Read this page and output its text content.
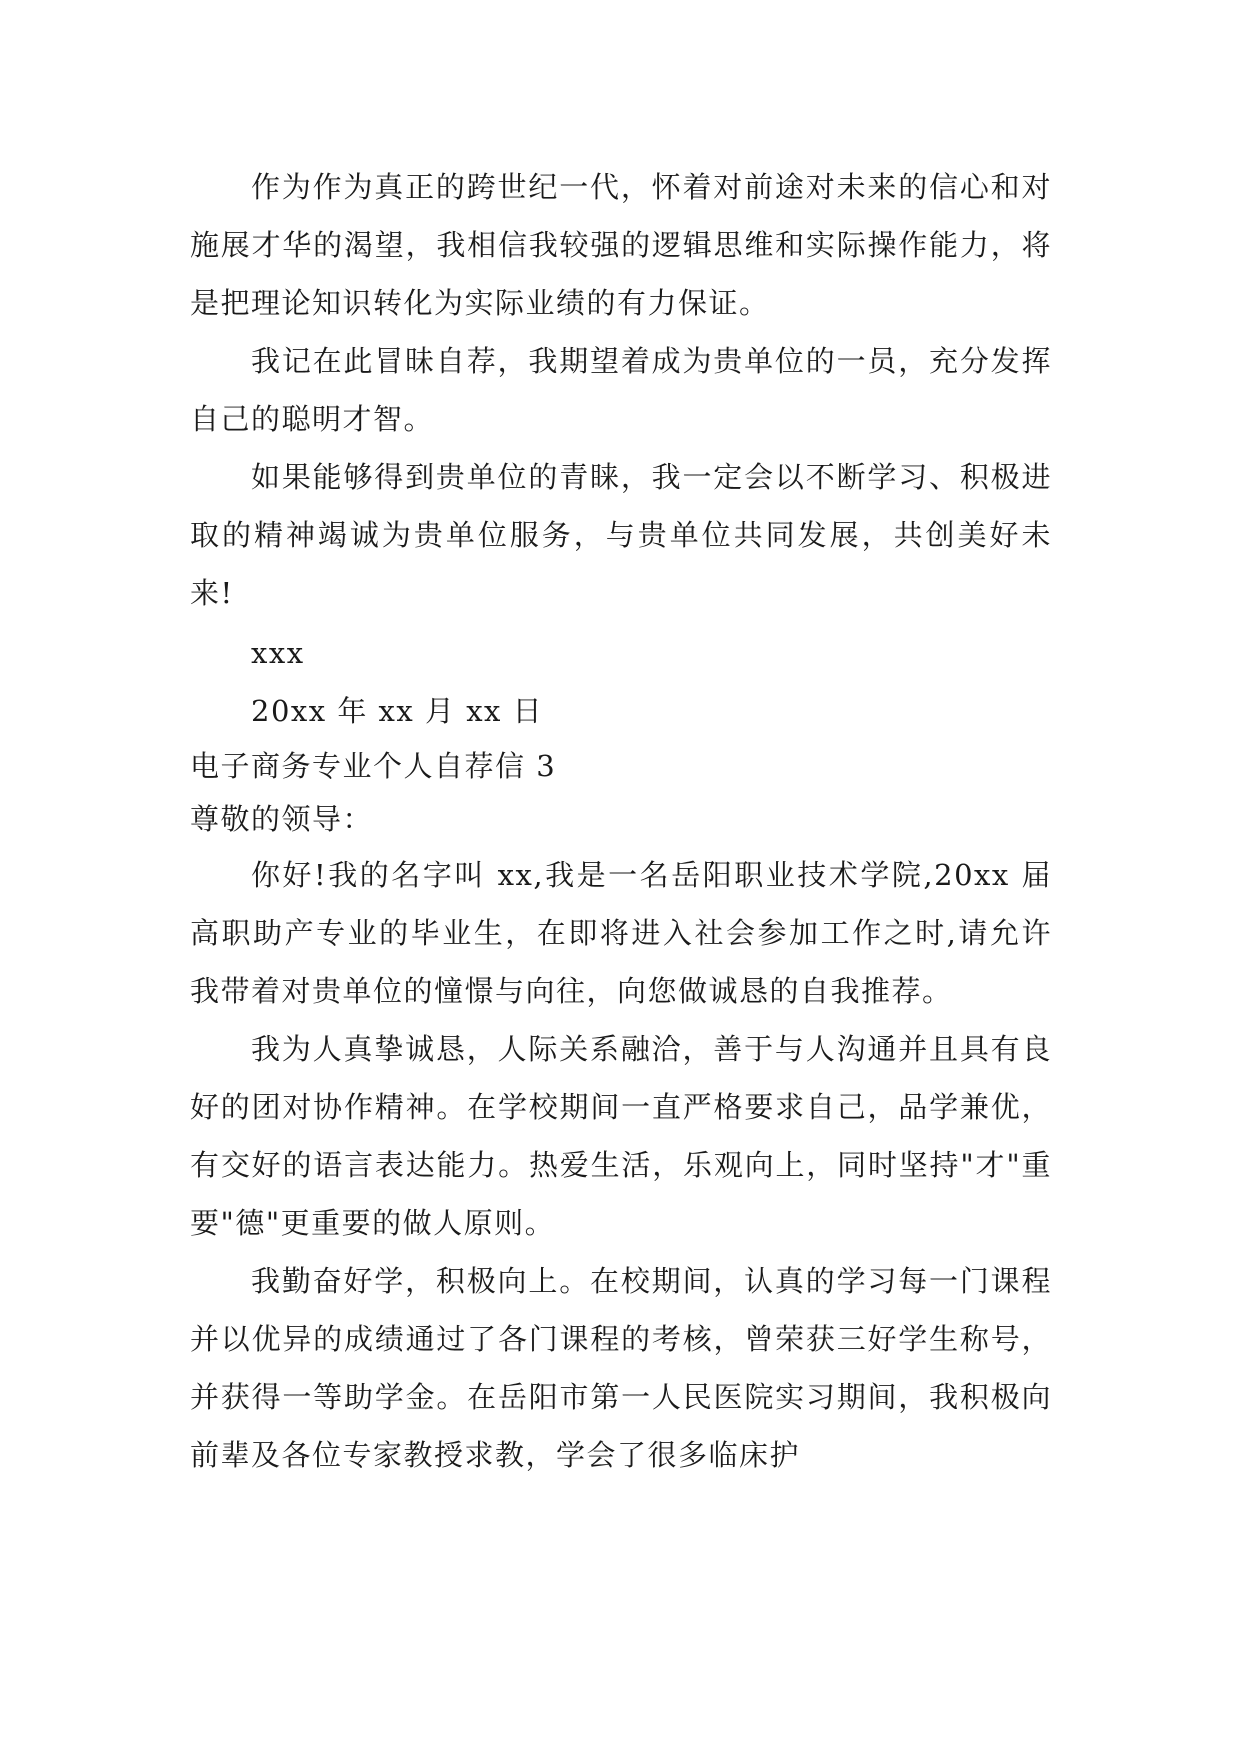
作为作为真正的跨世纪一代，怀着对前途对未来的信心和对施展才华的渴望，我相信我较强的逻辑思维和实际操作能力，将是把理论知识转化为实际业绩的有力保证。

我记在此冒昧自荐，我期望着成为贵单位的一员，充分发挥自己的聪明才智。

如果能够得到贵单位的青睐，我一定会以不断学习、积极进取的精神竭诚为贵单位服务，与贵单位共同发展，共创美好未来!

xxx

20xx 年 xx 月 xx 日

电子商务专业个人自荐信 3

尊敬的领导：

你好!我的名字叫 xx,我是一名岳阳职业技术学院,20xx 届高职助产专业的毕业生，在即将进入社会参加工作之时,请允许我带着对贵单位的憧憬与向往，向您做诚恳的自我推荐。

我为人真挚诚恳，人际关系融洽，善于与人沟通并且具有良好的团对协作精神。在学校期间一直严格要求自己，品学兼优，有交好的语言表达能力。热爱生活，乐观向上，同时坚持"才"重要"德"更重要的做人原则。

我勤奋好学，积极向上。在校期间，认真的学习每一门课程并以优异的成绩通过了各门课程的考核，曾荣获三好学生称号，并获得一等助学金。在岳阳市第一人民医院实习期间，我积极向前辈及各位专家教授求教，学会了很多临床护
